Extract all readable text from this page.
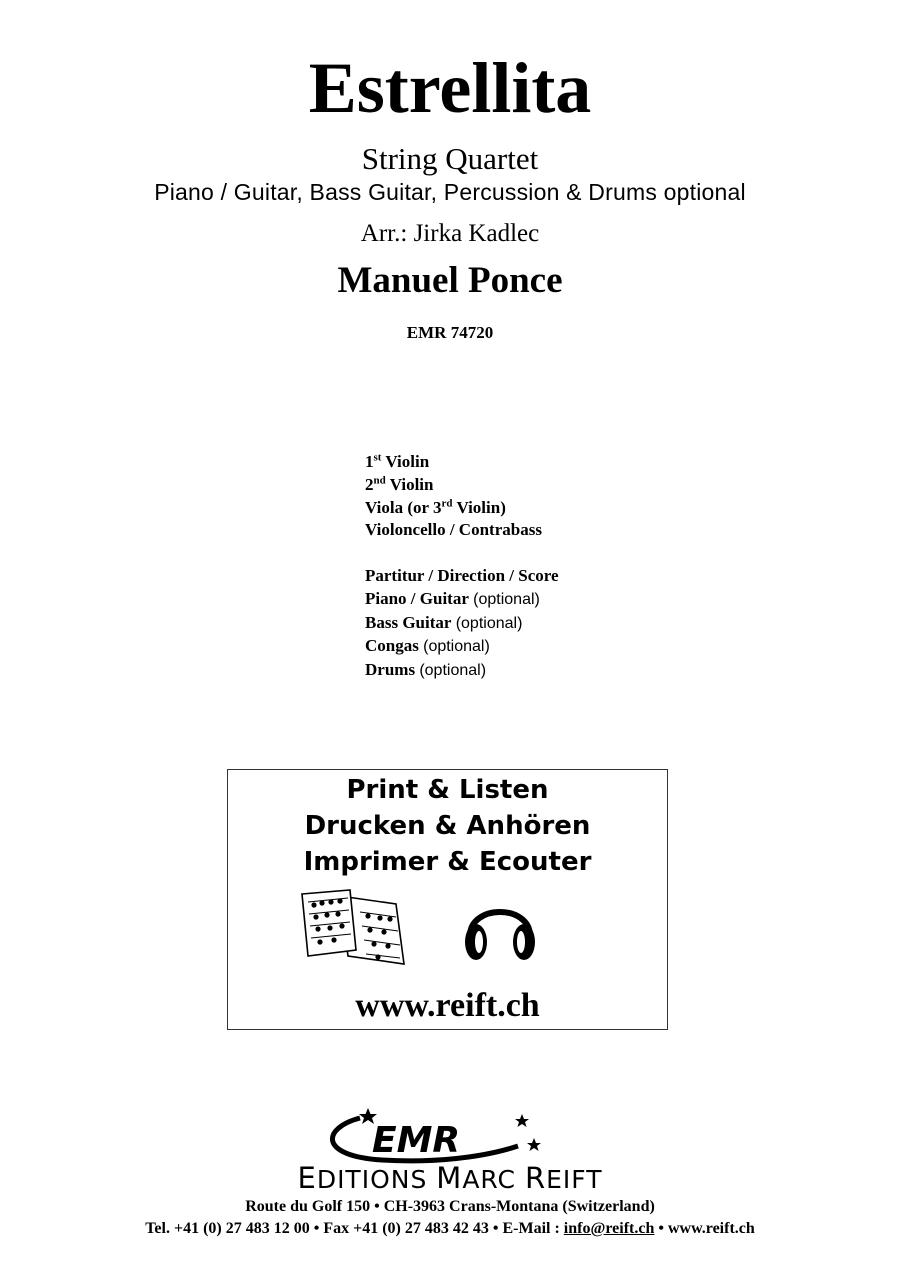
Estrellita
String Quartet
Piano / Guitar, Bass Guitar, Percussion & Drums optional
Arr.: Jirka Kadlec
Manuel Ponce
EMR 74720
1st Violin
2nd Violin
Viola (or 3rd Violin)
Violoncello / Contrabass
Partitur / Direction / Score
Piano / Guitar (optional)
Bass Guitar (optional)
Congas (optional)
Drums (optional)
Print & Listen
Drucken & Anhören
Imprimer & Ecouter
www.reift.ch
EMR
EDITIONS MARC REIFT
Route du Golf 150 • CH-3963 Crans-Montana (Switzerland)
Tel. +41 (0) 27 483 12 00 • Fax +41 (0) 27 483 42 43 • E-Mail : info@reift.ch • www.reift.ch
